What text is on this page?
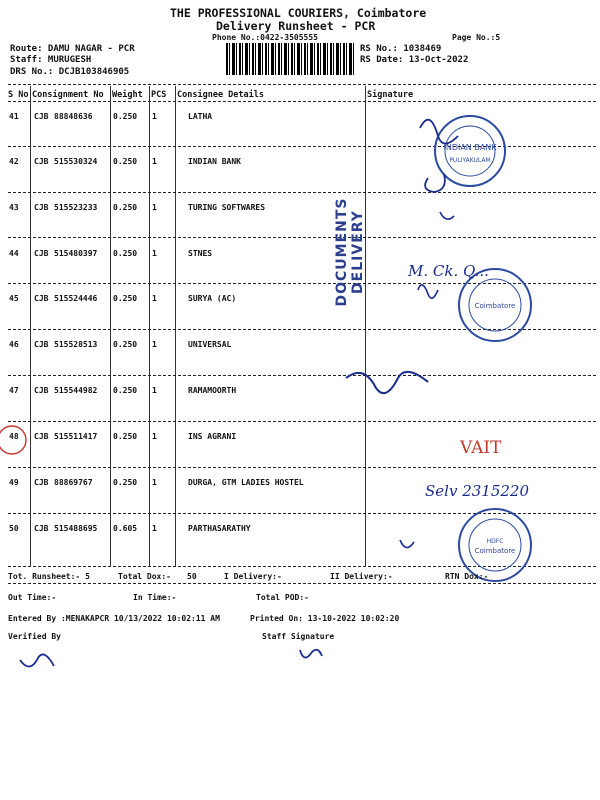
THE PROFESSIONAL COURIERS, Coimbatore
Delivery Runsheet - PCR
Phone No.:0422-3505555	Page No.:5
Route: DAMU NAGAR - PCR
Staff: MURUGESH
DRS No.: DCJB103846905
RS No.: 1038469
RS Date: 13-Oct-2022
S No Consignment No Weight PCS Consignee Details	Signature
41 CJB 88848636	0.250 1	LATHA
42 CJB 515530324 0.250 1	INDIAN BANK
43 CJB 515523233 0.250 1	TURING SOFTWARES
44 CJB 515480397 0.250 1	STNES
45 CJB 515524446 0.250 1	SURYA (AC)
46 CJB 515528513 0.250 1	UNIVERSAL
47 CJB 515544982 0.250 1	RAMAMOORTH
48 CJB 515511417 0.250 1	INS AGRANI
49 CJB 88869767	0.250 1	DURGA, GTM LADIES HOSTEL
50 CJB 515488695 0.605 1	PARTHASARATHY
DOCUMENTS DELIVERY
INDIAN BANK
PULIYAKULAM
Coimbatore
HDFC
Coimbatore
M. Ck. Q...
VAIT
Selv 2315220
Tot. Runsheet:- 5	Total Dox:- 50	I Delivery:-	II Delivery:-	RTN Dox:-
Out Time:-	In Time:-	Total POD:-
Entered By :MENAKAPCR 10/13/2022 10:02:11 AM	Printed On: 13-10-2022 10:02:20
Verified By	Staff Signature
